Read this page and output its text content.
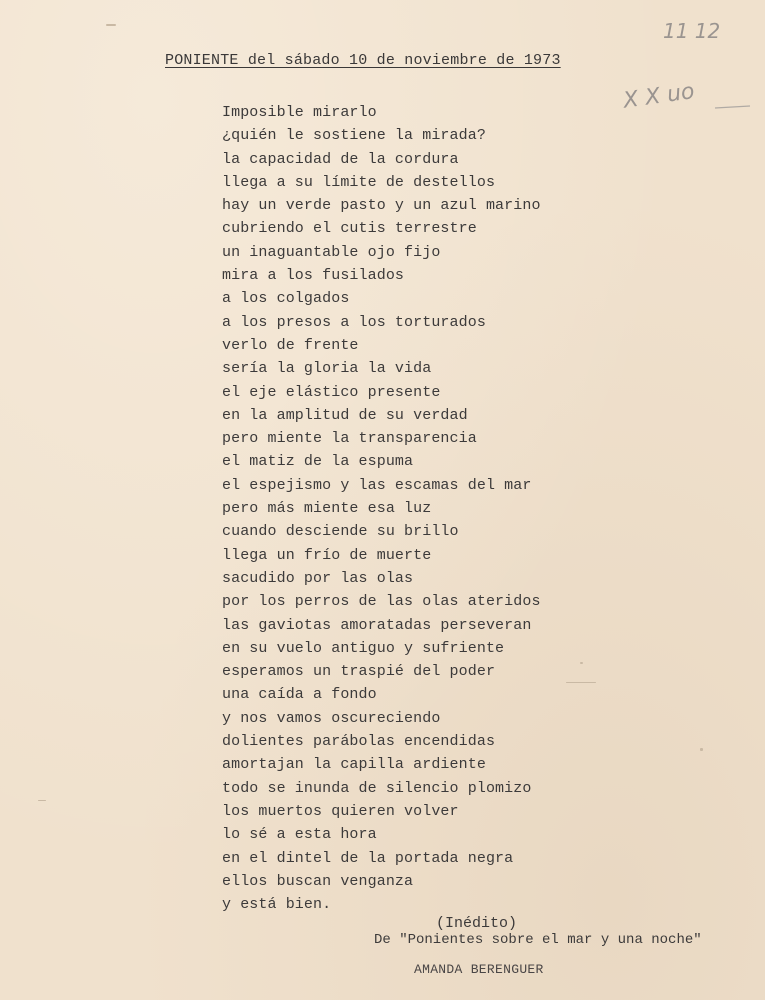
11 12
X X uo
PONIENTE del sábado 10 de noviembre de 1973
Imposible mirarlo
¿quién le sostiene la mirada?
la capacidad de la cordura
llega a su límite de destellos
hay un verde pasto y un azul marino
cubriendo el cutis terrestre
un inaguantable ojo fijo
mira a los fusilados
a los colgados
a los presos a los torturados
verlo de frente
sería la gloria la vida
el eje elástico presente
en la amplitud de su verdad
pero miente la transparencia
el matiz de la espuma
el espejismo y las escamas del mar
pero más miente esa luz
cuando desciende su brillo
llega un frío de muerte
sacudido por las olas
por los perros de las olas ateridos
las gaviotas amoratadas perseveran
en su vuelo antiguo y sufriente
esperamos un traspié del poder
una caída a fondo
y nos vamos oscureciendo
dolientes parábolas encendidas
amortajan la capilla ardiente
todo se inunda de silencio plomizo
los muertos quieren volver
lo sé a esta hora
en el dintel de la portada negra
ellos buscan venganza
y está bien.
(Inédito)
De "Ponientes sobre el mar y una noche"
AMANDA BERENGUER
